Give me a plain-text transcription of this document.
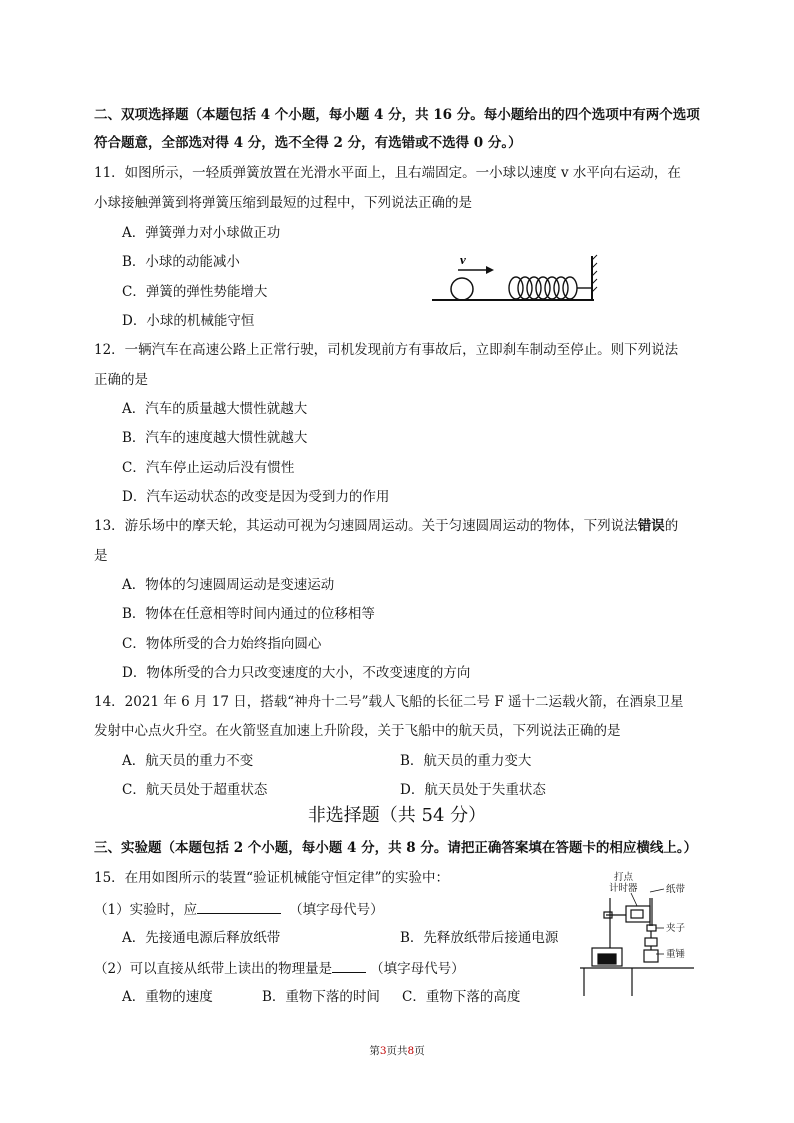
二、双项选择题（本题包括 4 个小题，每小题 4 分，共 16 分。每小题给出的四个选项中有两个选项
符合题意，全部选对得 4 分，选不全得 2 分，有选错或不选得 0 分。）
11．如图所示，一轻质弹簧放置在光滑水平面上，且右端固定。一小球以速度 v 水平向右运动，在
小球接触弹簧到将弹簧压缩到最短的过程中，下列说法正确的是
A．弹簧弹力对小球做正功
B．小球的动能减小
C．弹簧的弹性势能增大
D．小球的机械能守恒
v
12．一辆汽车在高速公路上正常行驶，司机发现前方有事故后，立即刹车制动至停止。则下列说法
正确的是
A．汽车的质量越大惯性就越大
B．汽车的速度越大惯性就越大
C．汽车停止运动后没有惯性
D．汽车运动状态的改变是因为受到力的作用
13．游乐场中的摩天轮，其运动可视为匀速圆周运动。关于匀速圆周运动的物体，下列说法错误的
是
A．物体的匀速圆周运动是变速运动
B．物体在任意相等时间内通过的位移相等
C．物体所受的合力始终指向圆心
D．物体所受的合力只改变速度的大小，不改变速度的方向
14．2021 年 6 月 17 日，搭载“神舟十二号”载人飞船的长征二号 F 遥十二运载火箭，在酒泉卫星
发射中心点火升空。在火箭竖直加速上升阶段，关于飞船中的航天员，下列说法正确的是
A．航天员的重力不变	B．航天员的重力变大
C．航天员处于超重状态	D．航天员处于失重状态
非选择题（共 54 分）
三、实验题（本题包括 2 个小题，每小题 4 分，共 8 分。请把正确答案填在答题卡的相应横线上。）
15．在用如图所示的装置“验证机械能守恒定律”的实验中：
（1）实验时，应	（填字母代号）
A．先接通电源后释放纸带	B．先释放纸带后接通电源
（2）可以直接从纸带上读出的物理量是	（填字母代号）
A．重物的速度	B．重物下落的时间 C．重物下落的高度
打点
计时器	纸带
夹子
重锤
第3页共8页
